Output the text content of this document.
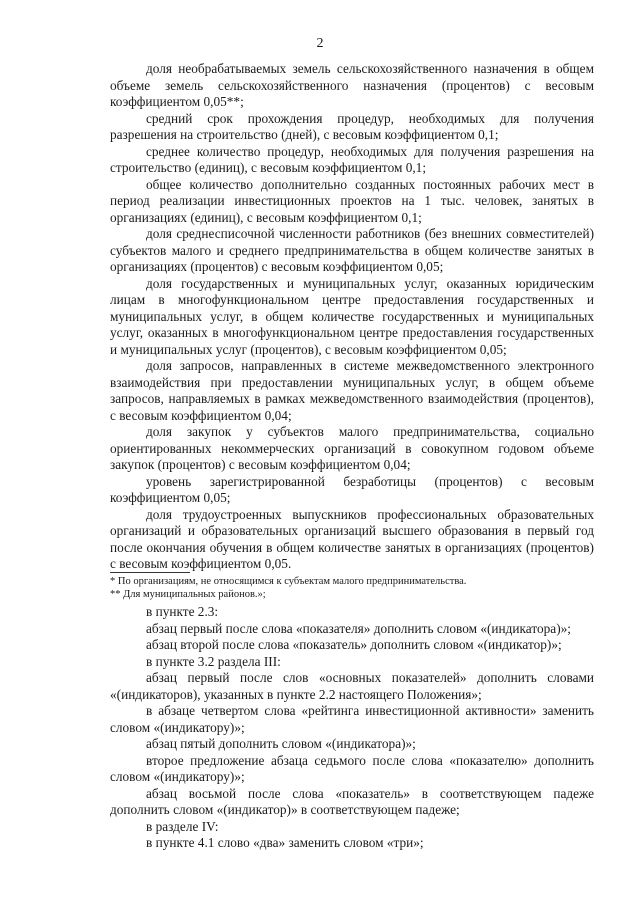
2

доля необрабатываемых земель сельскохозяйственного назначения в общем объеме земель сельскохозяйственного назначения (процентов) с весовым коэффициентом 0,05**;

средний срок прохождения процедур, необходимых для получения разрешения на строительство (дней), с весовым коэффициентом 0,1;

среднее количество процедур, необходимых для получения разрешения на строительство (единиц), с весовым коэффициентом 0,1;

общее количество дополнительно созданных постоянных рабочих мест в период реализации инвестиционных проектов на 1 тыс. человек, занятых в организациях (единиц), с весовым коэффициентом 0,1;

доля среднесписочной численности работников (без внешних совместителей) субъектов малого и среднего предпринимательства в общем количестве занятых в организациях (процентов) с весовым коэффициентом 0,05;

доля государственных и муниципальных услуг, оказанных юридическим лицам в многофункциональном центре предоставления государственных и муниципальных услуг, в общем количестве государственных и муниципальных услуг, оказанных в многофункциональном центре предоставления государственных и муниципальных услуг (процентов), с весовым коэффициентом 0,05;

доля запросов, направленных в системе межведомственного электронного взаимодействия при предоставлении муниципальных услуг, в общем объеме запросов, направляемых в рамках межведомственного взаимодействия (процентов), с весовым коэффициентом 0,04;

доля закупок у субъектов малого предпринимательства, социально ориентированных некоммерческих организаций в совокупном годовом объеме закупок (процентов) с весовым коэффициентом 0,04;

уровень зарегистрированной безработицы (процентов) с весовым коэффициентом 0,05;

доля трудоустроенных выпускников профессиональных образовательных организаций и образовательных организаций высшего образования в первый год после окончания обучения в общем количестве занятых в организациях (процентов) с весовым коэффициентом 0,05.

* По организациям, не относящимся к субъектам малого предпринимательства.

** Для муниципальных районов.»;

в пункте 2.3:

абзац первый после слова «показателя» дополнить словом «(индикатора)»;

абзац второй после слова «показатель» дополнить словом «(индикатор)»;

в пункте 3.2 раздела III:

абзац первый после слов «основных показателей» дополнить словами «(индикаторов), указанных в пункте 2.2 настоящего Положения»;

в абзаце четвертом слова «рейтинга инвестиционной активности» заменить словом «(индикатору)»;

абзац пятый дополнить словом «(индикатора)»;

второе предложение абзаца седьмого после слова «показателю» дополнить словом «(индикатору)»;

абзац восьмой после слова «показатель» в соответствующем падеже дополнить словом «(индикатор)» в соответствующем падеже;

в разделе IV:

в пункте 4.1 слово «два» заменить словом «три»;
